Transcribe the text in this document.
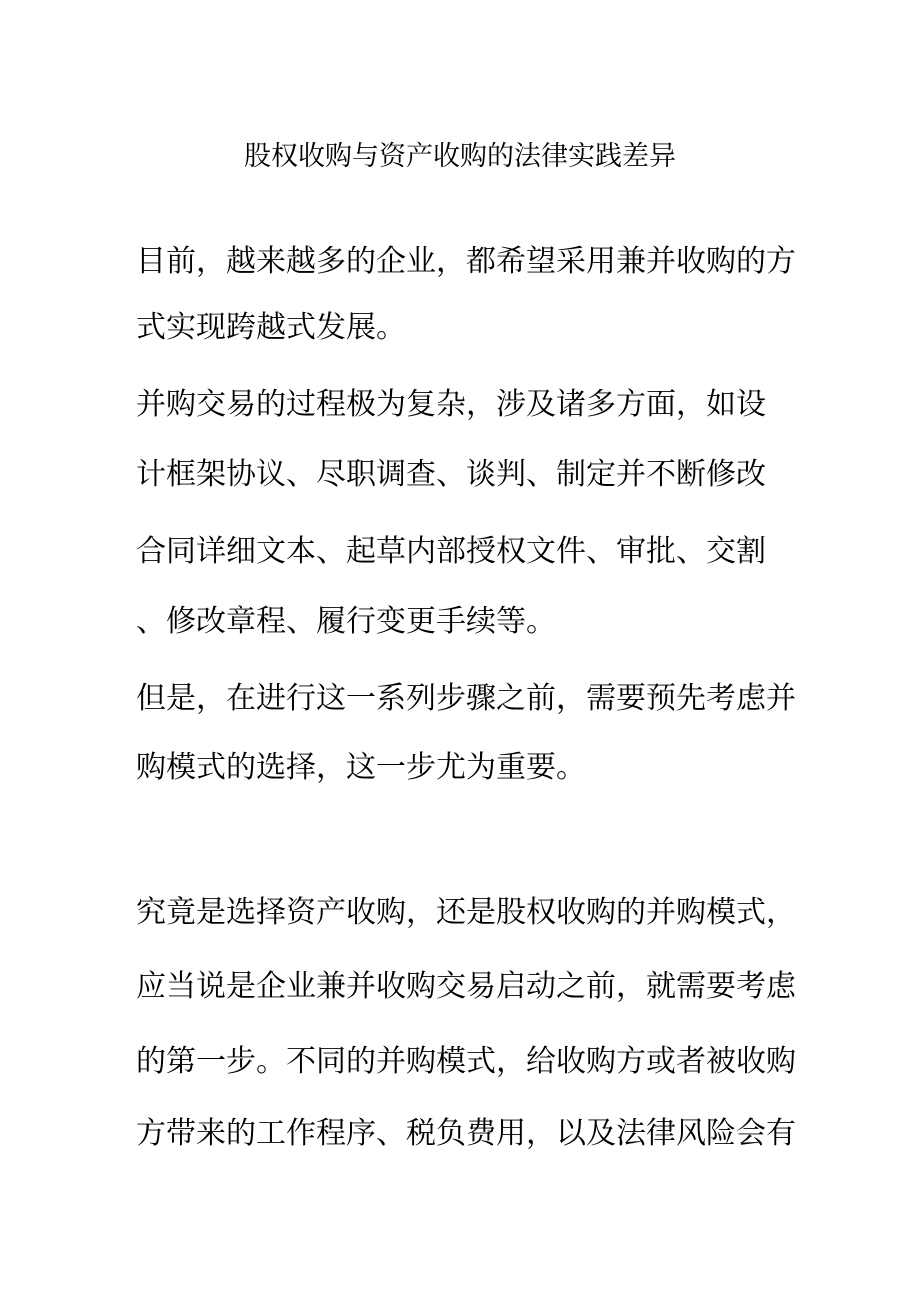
股权收购与资产收购的法律实践差异
目前，越来越多的企业，都希望采用兼并收购的方
式实现跨越式发展。
并购交易的过程极为复杂，涉及诸多方面，如设
计框架协议、尽职调查、谈判、制定并不断修改
合同详细文本、起草内部授权文件、审批、交割
、修改章程、履行变更手续等。
但是，在进行这一系列步骤之前，需要预先考虑并
购模式的选择，这一步尤为重要。
究竟是选择资产收购，还是股权收购的并购模式，
应当说是企业兼并收购交易启动之前，就需要考虑
的第一步。不同的并购模式，给收购方或者被收购
方带来的工作程序、税负费用，以及法律风险会有
